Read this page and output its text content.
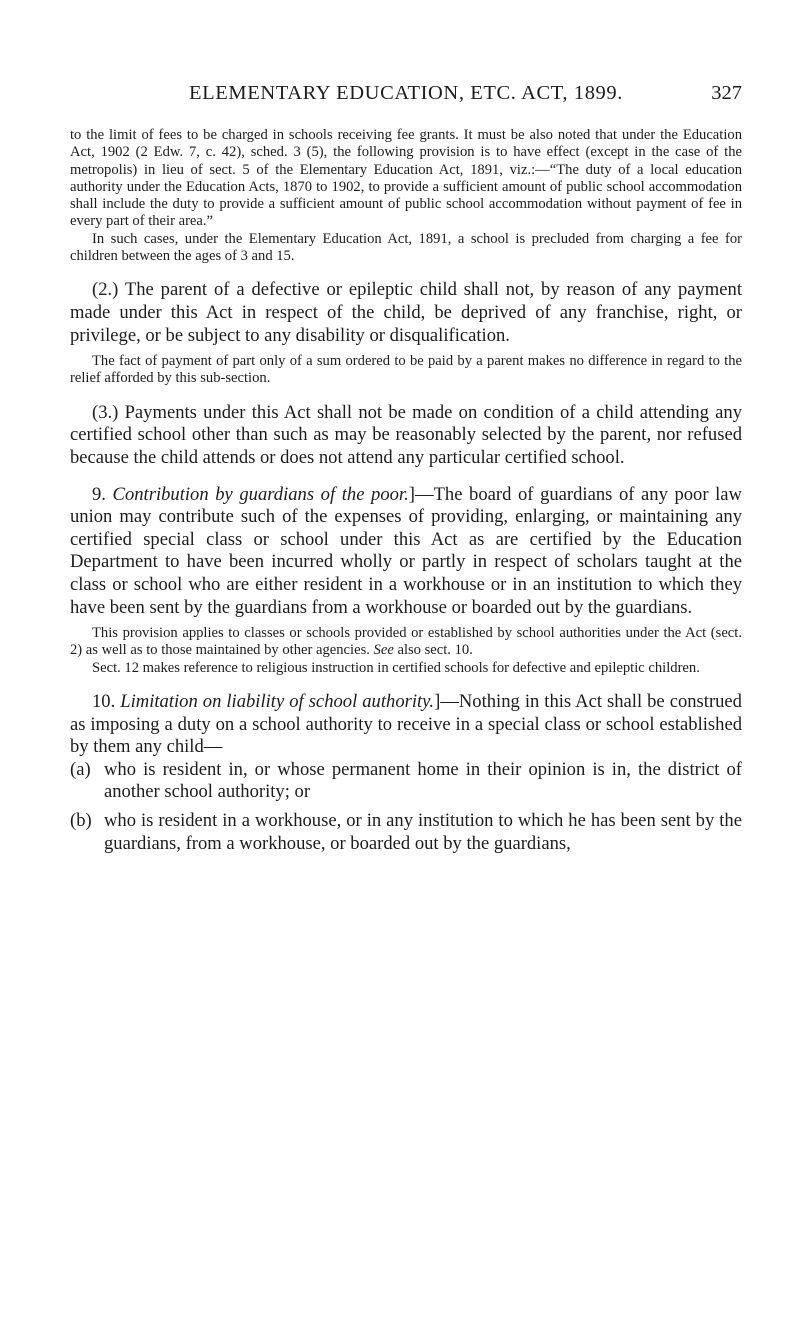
ELEMENTARY EDUCATION, ETC. ACT, 1899.	327

to the limit of fees to be charged in schools receiving fee grants. It must be also noted that under the Education Act, 1902 (2 Edw. 7, c. 42), sched. 3 (5), the following provision is to have effect (except in the case of the metropolis) in lieu of sect. 5 of the Elementary Education Act, 1891, viz.:—“The duty of a local education authority under the Education Acts, 1870 to 1902, to provide a sufficient amount of public school accommodation shall include the duty to provide a sufficient amount of public school accommodation without payment of fee in every part of their area.”

In such cases, under the Elementary Education Act, 1891, a school is precluded from charging a fee for children between the ages of 3 and 15.

(2.) The parent of a defective or epileptic child shall not, by reason of any payment made under this Act in respect of the child, be deprived of any franchise, right, or privilege, or be subject to any disability or disqualification.

The fact of payment of part only of a sum ordered to be paid by a parent makes no difference in regard to the relief afforded by this sub-section.

(3.) Payments under this Act shall not be made on condition of a child attending any certified school other than such as may be reasonably selected by the parent, nor refused because the child attends or does not attend any particular certified school.

9. Contribution by guardians of the poor.]—The board of guardians of any poor law union may contribute such of the expenses of providing, enlarging, or maintaining any certified special class or school under this Act as are certified by the Education Department to have been incurred wholly or partly in respect of scholars taught at the class or school who are either resident in a workhouse or in an institution to which they have been sent by the guardians from a workhouse or boarded out by the guardians.

This provision applies to classes or schools provided or established by school authorities under the Act (sect. 2) as well as to those maintained by other agencies. See also sect. 10.

Sect. 12 makes reference to religious instruction in certified schools for defective and epileptic children.

10. Limitation on liability of school authority.]—Nothing in this Act shall be construed as imposing a duty on a school authority to receive in a special class or school established by them any child—

(a) who is resident in, or whose permanent home in their opinion is in, the district of another school authority; or

(b) who is resident in a workhouse, or in any institution to which he has been sent by the guardians, from a workhouse, or boarded out by the guardians,
